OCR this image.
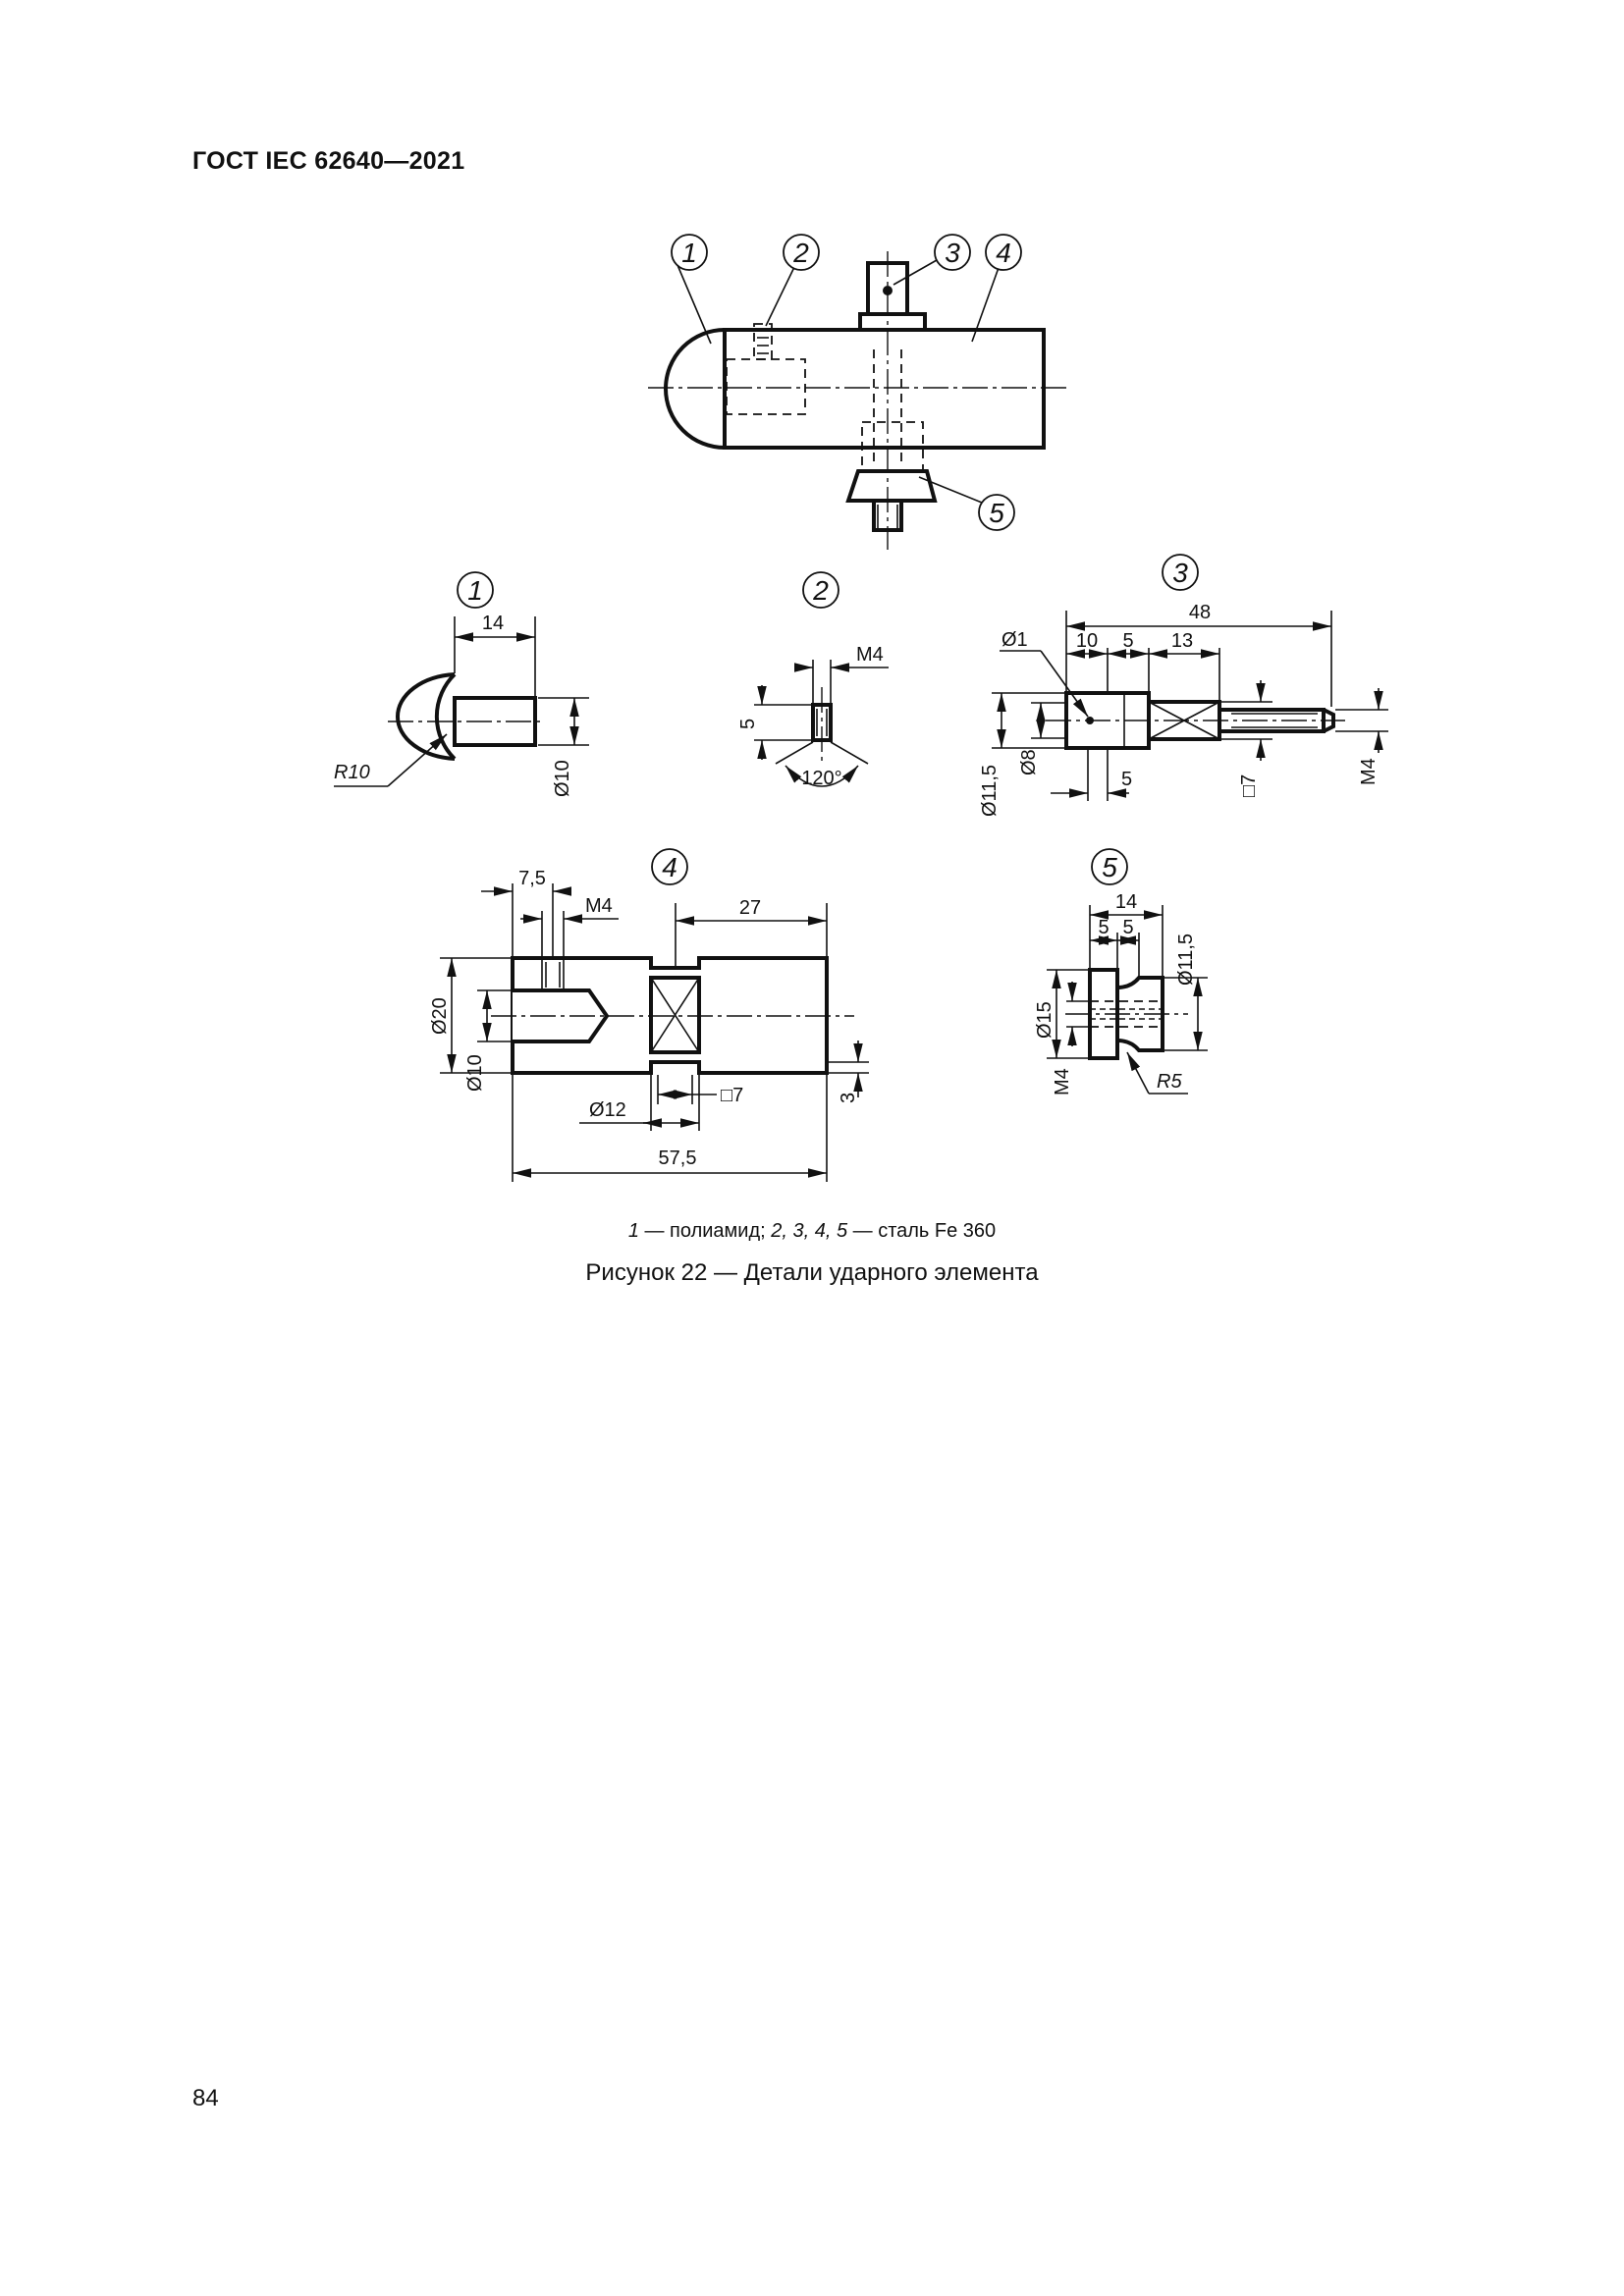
ГОСТ IEC 62640—2021
1	2	3 4
5
1
14
R10	Ø10
2
М4
5
120°
3
48
10 5 13
Ø1
5
Ø11,5
Ø8
□7
М4
4
7,5
М4	27
Ø20
Ø10
Ø12
□7	3
57,5
5
14
5 5
Ø11,5
Ø15
М4	R5
1 — полиамид; 2, 3, 4, 5 — сталь Fe 360
Рисунок 22 — Детали ударного элемента
84
